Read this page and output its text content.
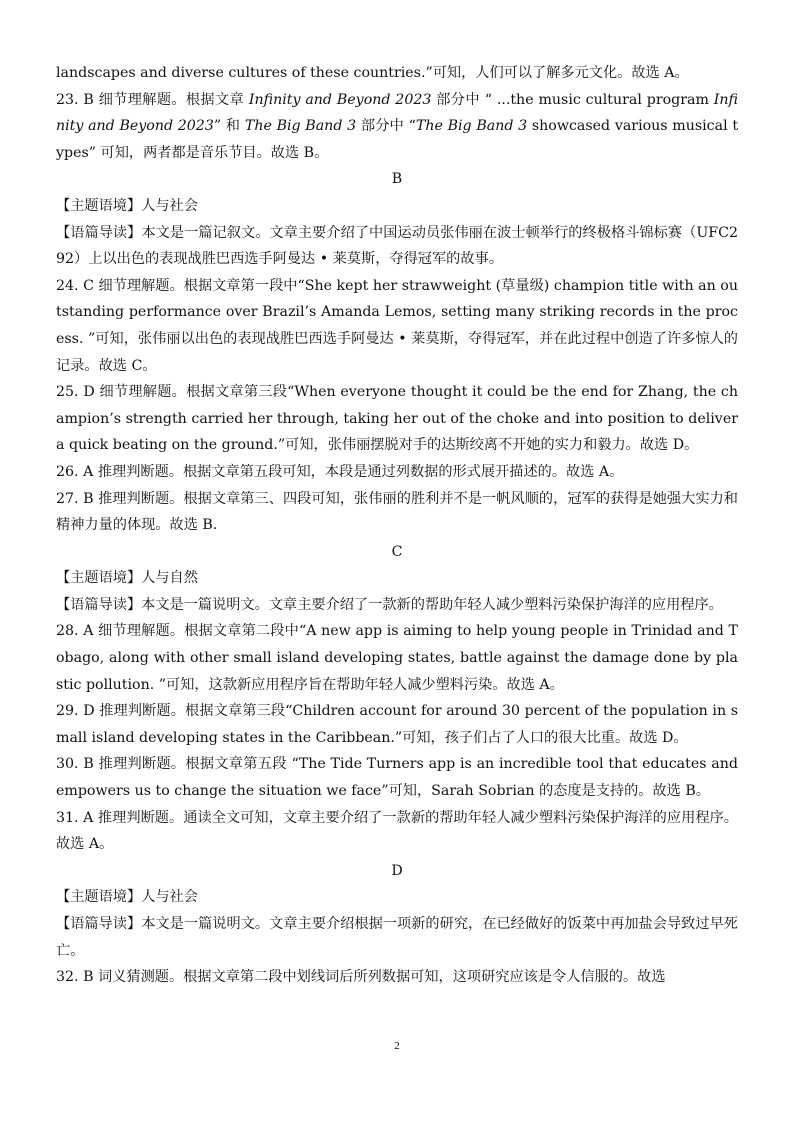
landscapes and diverse cultures of these countries.”可知，人们可以了解多元文化。故选 A。

23. B 细节理解题。根据文章 Infinity and Beyond 2023 部分中 “ ...the music cultural program Infinity and Beyond 2023” 和 The Big Band 3 部分中 “The Big Band 3 showcased various musical types” 可知，两者都是音乐节目。故选 B。

B

【主题语境】人与社会

【语篇导读】本文是一篇记叙文。文章主要介绍了中国运动员张伟丽在波士顿举行的终极格斗锦标赛（UFC292）上以出色的表现战胜巴西选手阿曼达 • 莱莫斯，夺得冠军的故事。

24. C 细节理解题。根据文章第一段中“She kept her strawweight (草量级) champion title with an outstanding performance over Brazil’s Amanda Lemos, setting many striking records in the process. ”可知，张伟丽以出色的表现战胜巴西选手阿曼达 • 莱莫斯，夺得冠军，并在此过程中创造了许多惊人的记录。故选 C。

25. D 细节理解题。根据文章第三段“When everyone thought it could be the end for Zhang, the champion’s strength carried her through, taking her out of the choke and into position to deliver a quick beating on the ground.”可知，张伟丽摆脱对手的达斯绞离不开她的实力和毅力。故选 D。

26. A 推理判断题。根据文章第五段可知，本段是通过列数据的形式展开描述的。故选 A。

27. B 推理判断题。根据文章第三、四段可知，张伟丽的胜利并不是一帆风顺的，冠军的获得是她强大实力和精神力量的体现。故选 B.

C

【主题语境】人与自然

【语篇导读】本文是一篇说明文。文章主要介绍了一款新的帮助年轻人减少塑料污染保护海洋的应用程序。

28. A 细节理解题。根据文章第二段中“A new app is aiming to help young people in Trinidad and Tobago, along with other small island developing states, battle against the damage done by plastic pollution. ”可知，这款新应用程序旨在帮助年轻人减少塑料污染。故选 A。

29. D 推理判断题。根据文章第三段“Children account for around 30 percent of the population in small island developing states in the Caribbean.”可知，孩子们占了人口的很大比重。故选 D。

30. B 推理判断题。根据文章第五段 “The Tide Turners app is an incredible tool that educates and empowers us to change the situation we face”可知，Sarah Sobrian 的态度是支持的。故选 B。

31. A 推理判断题。通读全文可知，文章主要介绍了一款新的帮助年轻人减少塑料污染保护海洋的应用程序。故选 A。

D

【主题语境】人与社会

【语篇导读】本文是一篇说明文。文章主要介绍根据一项新的研究，在已经做好的饭菜中再加盐会导致过早死亡。

32. B 词义猜测题。根据文章第二段中划线词后所列数据可知，这项研究应该是令人信服的。故选

2
